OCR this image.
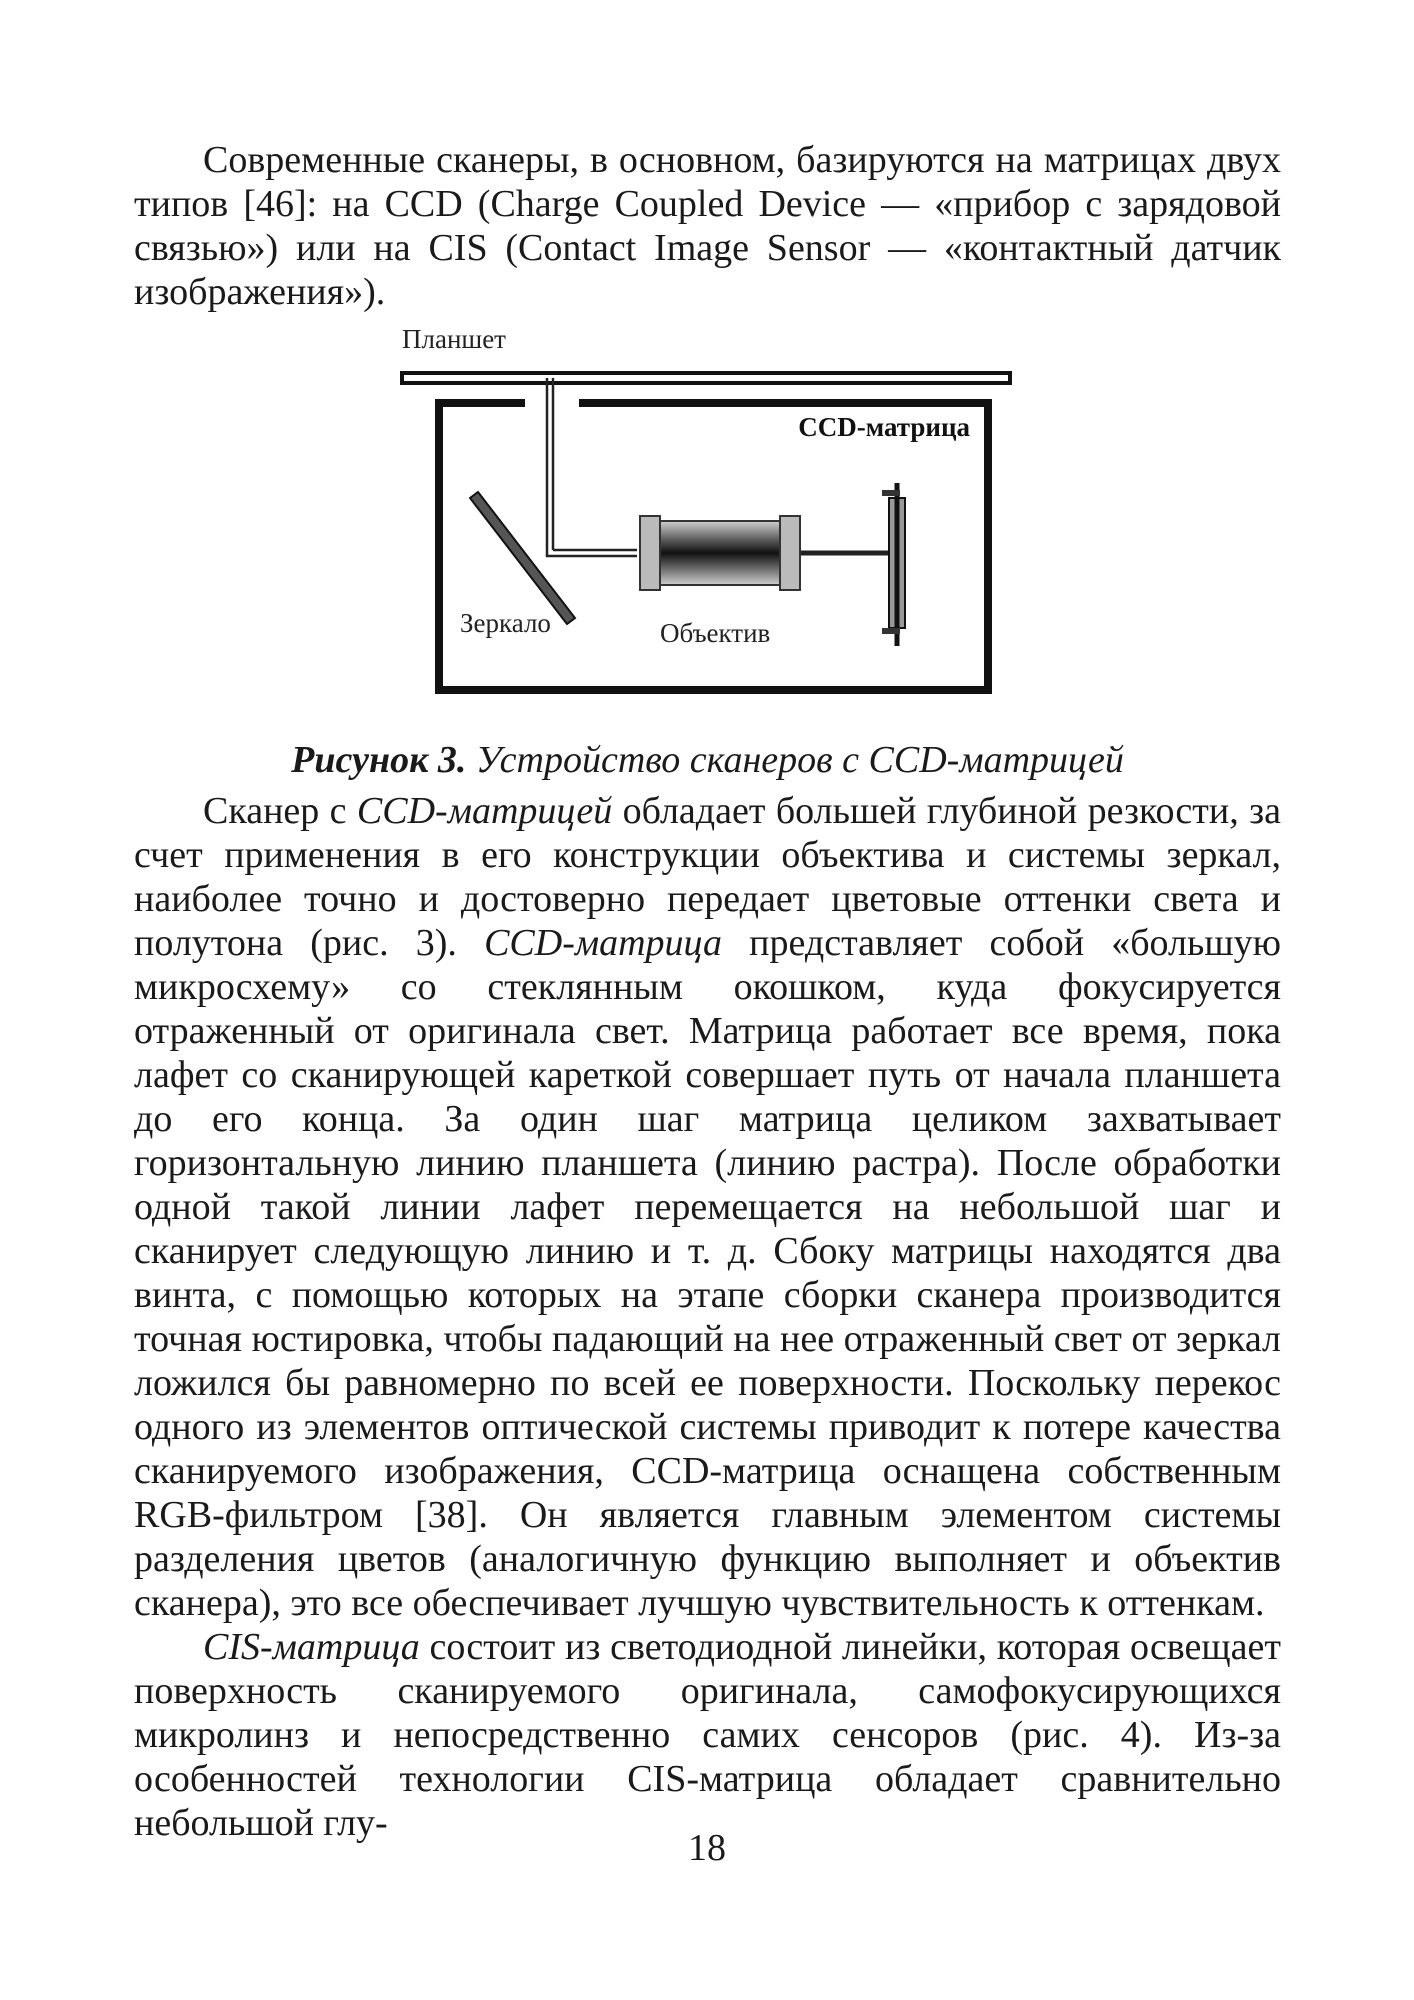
Современные сканеры, в основном, базируются на матрицах двух типов [46]: на CCD (Charge Coupled Device — «прибор с зарядовой связью») или на CIS (Contact Image Sensor — «контактный датчик изображения»).

Планшет
CCD-матрица
Зеркало	Объектив
Рисунок 3. Устройство сканеров с CCD-матрицей

Сканер с CCD-матрицей обладает большей глубиной резкости, за счет применения в его конструкции объектива и системы зеркал, наиболее точно и достоверно передает цветовые оттенки света и полутона (рис. 3). CCD-матрица представляет собой «большую микросхему» со стеклянным окошком, куда фокусируется отраженный от оригинала свет. Матрица работает все время, пока лафет со сканирующей кареткой совершает путь от начала планшета до его конца. За один шаг матрица целиком захватывает горизонтальную линию планшета (линию растра). После обработки одной такой линии лафет перемещается на небольшой шаг и сканирует следующую линию и т. д. Сбоку матрицы находятся два винта, с помощью которых на этапе сборки сканера производится точная юстировка, чтобы падающий на нее отраженный свет от зеркал ложился бы равномерно по всей ее поверхности. Поскольку перекос одного из элементов оптической системы приводит к потере качества сканируемого изображения, CCD-матрица оснащена собственным RGB-фильтром [38]. Он является главным элементом системы разделения цветов (аналогичную функцию выполняет и объектив сканера), это все обеспечивает лучшую чувствительность к оттенкам.

CIS-матрица состоит из светодиодной линейки, которая освещает поверхность сканируемого оригинала, самофокусирующихся микролинз и непосредственно самих сенсоров (рис. 4). Из-за особенностей технологии CIS-матрица обладает сравнительно небольшой глу-

18
